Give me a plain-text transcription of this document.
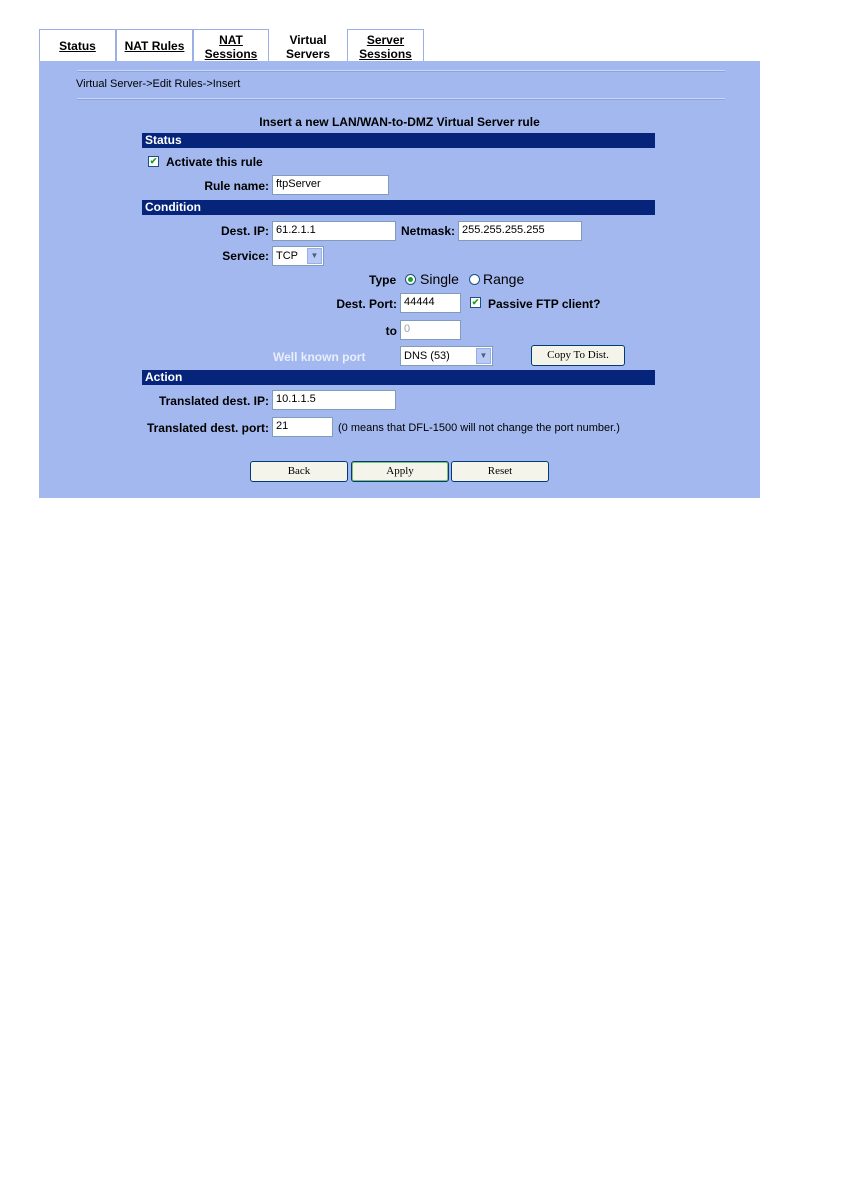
Status	NAT Rules	NAT
Sessions
Virtual
Servers
Server
Sessions
Virtual Server->Edit Rules->Insert
Insert a new LAN/WAN-to-DMZ Virtual Server rule
Status
✔ Activate this rule
Rule name: ftpServer
Condition
Dest. IP: 61.2.1.1	Netmask: 255.255.255.255
Service: TCP	▼
Type Single Range
Dest. Port: 44444	✔ Passive FTP client?
to 0
Well known port	DNS (53)	▼	Copy To Dist.
Action
Translated dest. IP: 10.1.1.5
Translated dest. port: 21	(0 means that DFL-1500 will not change the port number.)
Back	Apply	Reset
